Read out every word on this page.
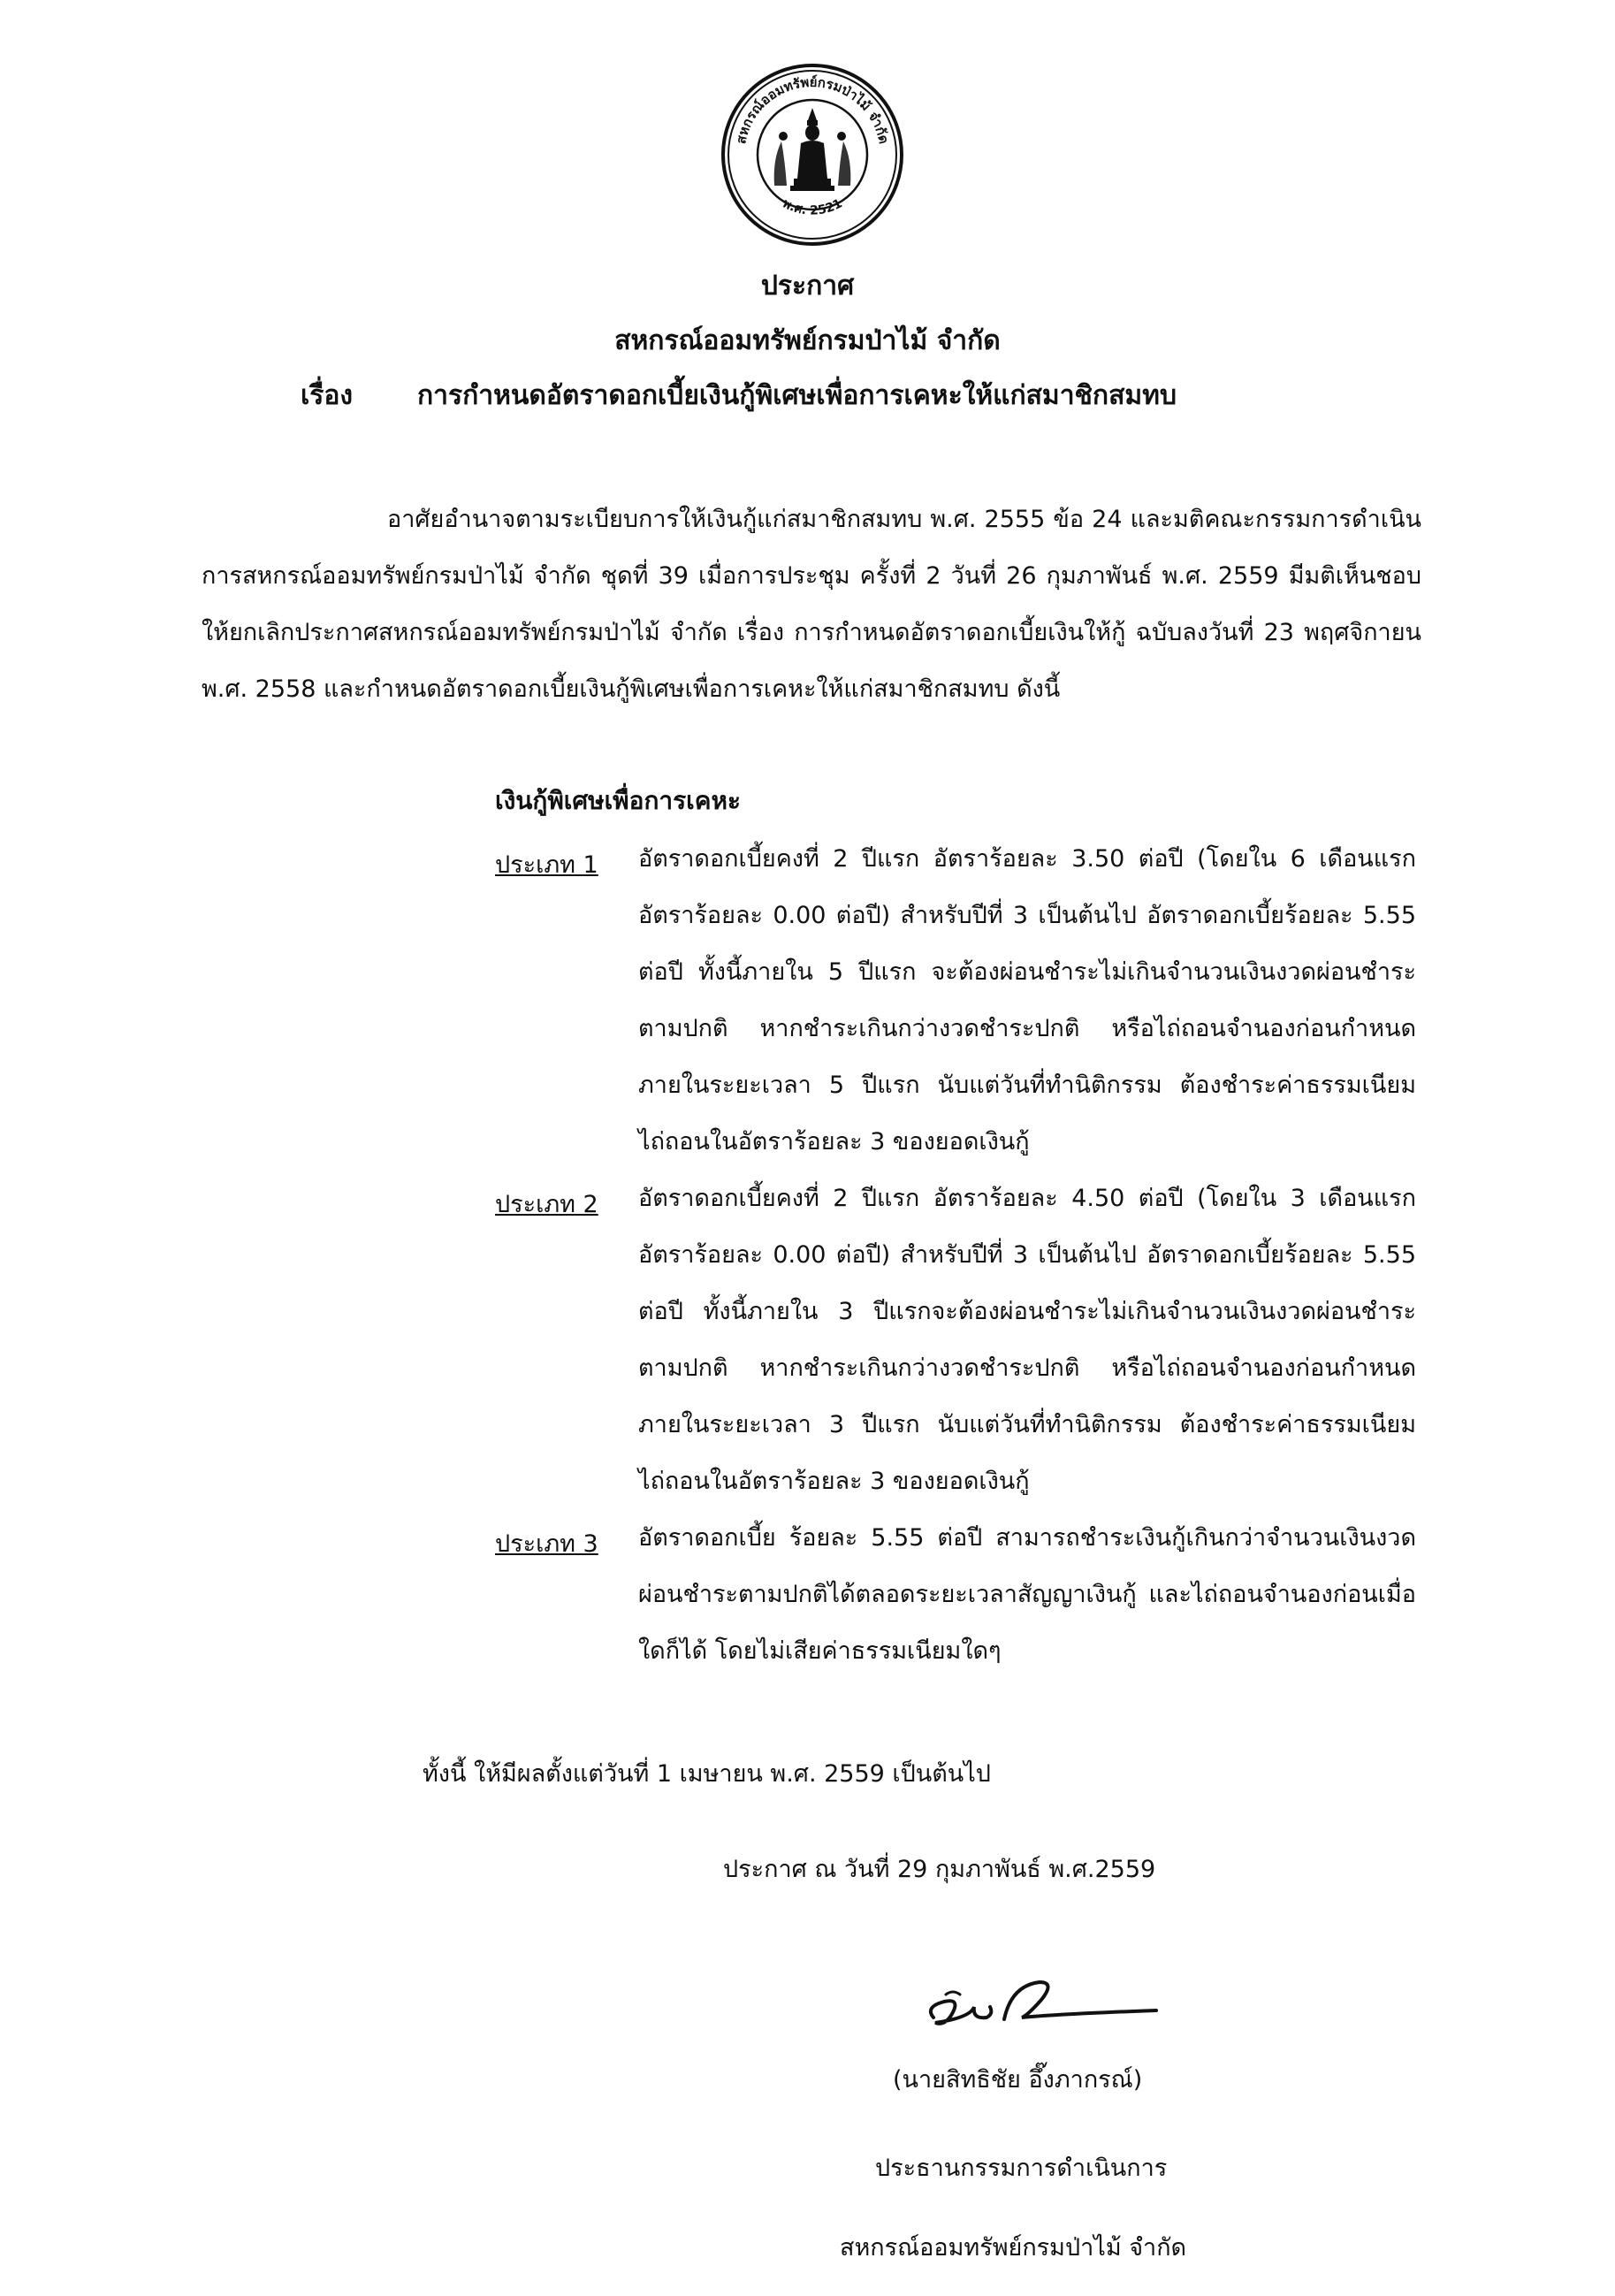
สหกรณ์ออมทรัพย์กรมป่าไม้ จำกัด
พ.ศ. 2521
ประกาศ
สหกรณ์ออมทรัพย์กรมป่าไม้ จำกัด
เรื่อง การกำหนดอัตราดอกเบี้ยเงินกู้พิเศษเพื่อการเคหะให้แก่สมาชิกสมทบ
อาศัยอำนาจตามระเบียบการให้เงินกู้แก่สมาชิกสมทบ พ.ศ. 2555 ข้อ 24 และมติคณะกรรมการดำเนินการสหกรณ์ออมทรัพย์กรมป่าไม้ จำกัด ชุดที่ 39 เมื่อการประชุม ครั้งที่ 2 วันที่ 26 กุมภาพันธ์ พ.ศ. 2559 มีมติเห็นชอบให้ยกเลิกประกาศสหกรณ์ออมทรัพย์กรมป่าไม้ จำกัด เรื่อง การกำหนดอัตราดอกเบี้ยเงินให้กู้ ฉบับลงวันที่ 23 พฤศจิกายน พ.ศ. 2558 และกำหนดอัตราดอกเบี้ยเงินกู้พิเศษเพื่อการเคหะให้แก่สมาชิกสมทบ ดังนี้
เงินกู้พิเศษเพื่อการเคหะ
ประเภท 1 อัตราดอกเบี้ยคงที่ 2 ปีแรก อัตราร้อยละ 3.50 ต่อปี (โดยใน 6 เดือนแรก อัตราร้อยละ 0.00 ต่อปี) สำหรับปีที่ 3 เป็นต้นไป อัตราดอกเบี้ยร้อยละ 5.55 ต่อปี ทั้งนี้ภายใน 5 ปีแรก จะต้องผ่อนชำระไม่เกินจำนวนเงินงวดผ่อนชำระตามปกติ หากชำระเกินกว่างวดชำระปกติ หรือไถ่ถอนจำนองก่อนกำหนดภายในระยะเวลา 5 ปีแรก นับแต่วันที่ทำนิติกรรม ต้องชำระค่าธรรมเนียมไถ่ถอนในอัตราร้อยละ 3 ของยอดเงินกู้
ประเภท 2 อัตราดอกเบี้ยคงที่ 2 ปีแรก อัตราร้อยละ 4.50 ต่อปี (โดยใน 3 เดือนแรก อัตราร้อยละ 0.00 ต่อปี) สำหรับปีที่ 3 เป็นต้นไป อัตราดอกเบี้ยร้อยละ 5.55 ต่อปี ทั้งนี้ภายใน 3 ปีแรกจะต้องผ่อนชำระไม่เกินจำนวนเงินงวดผ่อนชำระตามปกติ หากชำระเกินกว่างวดชำระปกติ หรือไถ่ถอนจำนองก่อนกำหนดภายในระยะเวลา 3 ปีแรก นับแต่วันที่ทำนิติกรรม ต้องชำระค่าธรรมเนียมไถ่ถอนในอัตราร้อยละ 3 ของยอดเงินกู้
ประเภท 3 อัตราดอกเบี้ย ร้อยละ 5.55 ต่อปี สามารถชำระเงินกู้เกินกว่าจำนวนเงินงวดผ่อนชำระตามปกติได้ตลอดระยะเวลาสัญญาเงินกู้ และไถ่ถอนจำนองก่อนเมื่อใดก็ได้ โดยไม่เสียค่าธรรมเนียมใดๆ
ทั้งนี้ ให้มีผลตั้งแต่วันที่ 1 เมษายน พ.ศ. 2559 เป็นต้นไป
ประกาศ ณ วันที่ 29 กุมภาพันธ์ พ.ศ.2559
(นายสิทธิชัย อึ๊งภากรณ์)
ประธานกรรมการดำเนินการ
สหกรณ์ออมทรัพย์กรมป่าไม้ จำกัด
